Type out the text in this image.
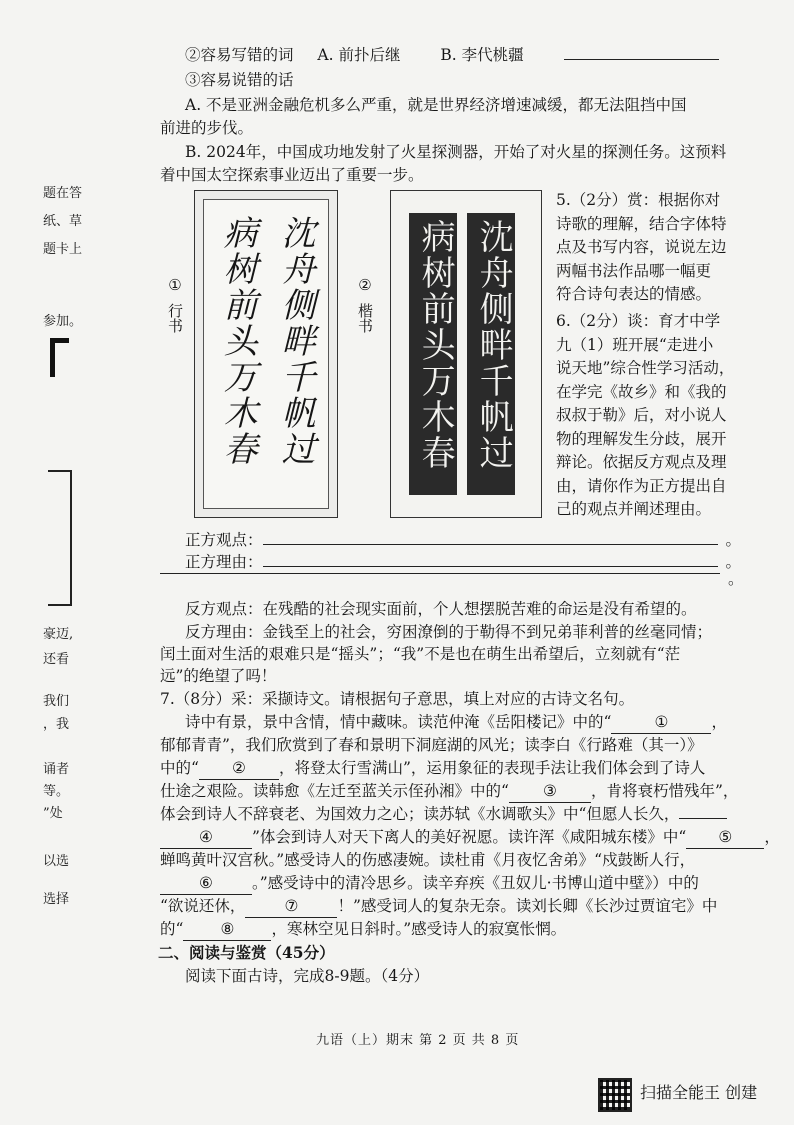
题在答
纸、草
题卡上
参加。
豪迈,
还看
我们
，我
诵者
等。
”处
以选
选择
②容易写错的词 A. 前扑后继	B. 李代桃疆
③容易说错的话
A. 不是亚洲金融危机多么严重，就是世界经济增速减缓，都无法阻挡中国
前进的步伐。
B. 2024年，中国成功地发射了火星探测器，开始了对火星的探测任务。这预料
着中国太空探索事业迈出了重要一步。
①
行书	沈舟侧畔千帆过
病树前头万木春	②
楷书	沈舟侧畔千帆过
病树前头万木春
5.（2分）赏：根据你对
诗歌的理解，结合字体特
点及书写内容，说说左边
两幅书法作品哪一幅更
符合诗句表达的情感。
6.（2分）谈：育才中学
九（1）班开展“走进小
说天地”综合性学习活动，
在学完《故乡》和《我的
叔叔于勒》后，对小说人
物的理解发生分歧，展开
辩论。依据反方观点及理
由，请你作为正方提出自
己的观点并阐述理由。
正方观点：	。
正方理由：	。
。
反方观点：在残酷的社会现实面前，个人想摆脱苦难的命运是没有希望的。
反方理由：金钱至上的社会，穷困潦倒的于勒得不到兄弟菲利普的丝毫同情；
闰土面对生活的艰难只是“摇头”；“我”不是也在萌生出希望后，立刻就有“茫
远”的绝望了吗！
7.（8分）采：采撷诗文。请根据句子意思，填上对应的古诗文名句。
诗中有景，景中含情，情中藏味。读范仲淹《岳阳楼记》中的“	①	，
郁郁青青”，我们欣赏到了春和景明下洞庭湖的风光；读李白《行路难（其一）》
中的“ ② ，将登太行雪满山”，运用象征的表现手法让我们体会到了诗人
仕途之艰险。读韩愈《左迁至蓝关示侄孙湘》中的“ ③ ，肯将衰朽惜残年”，
体会到诗人不辞衰老、为国效力之心；读苏轼《水调歌头》中“但愿人长久，
④	”体会到诗人对天下离人的美好祝愿。读许浑《咸阳城东楼》中“ ⑤ ，
蝉鸣黄叶汉宫秋。”感受诗人的伤感凄婉。读杜甫《月夜忆舍弟》“戍鼓断人行，
⑥	。”感受诗中的清冷思乡。读辛弃疾《丑奴儿·书博山道中壁》）中的
“欲说还休，	⑦	！”感受词人的复杂无奈。读刘长卿《长沙过贾谊宅》中
的“ ⑧ ，寒林空见日斜时。”感受诗人的寂寞怅惘。
二、阅读与鉴赏（45分）
阅读下面古诗，完成8-9题。（4分）
九语（上）期末 第 2 页 共 8 页
扫描全能王 创建
